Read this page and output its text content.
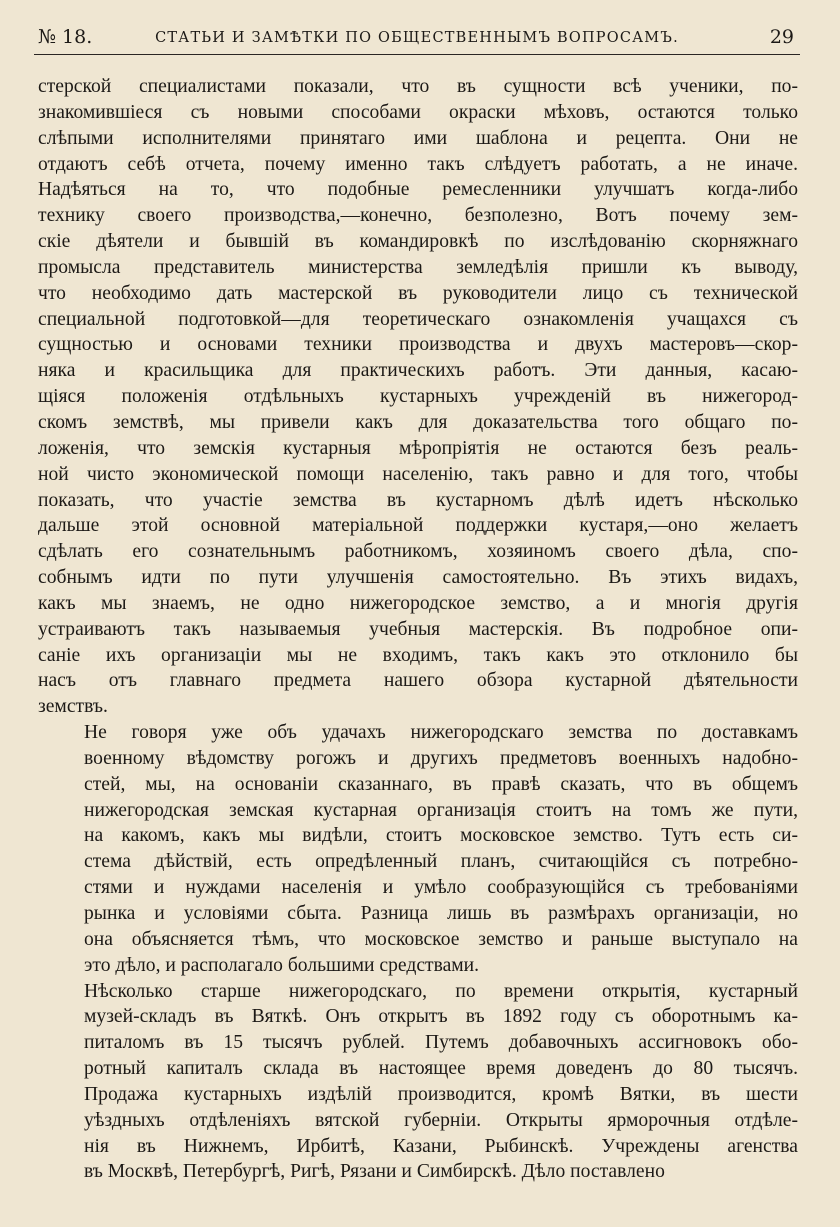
№ 18.	СТАТЬИ И ЗАМѢТКИ ПО ОБЩЕСТВЕННЫМЪ ВОПРОСАМЪ.	29
стерской специалистами показали, что въ сущности всѣ ученики, по-
знакомившіеся съ новыми способами окраски мѣховъ, остаются только
слѣпыми исполнителями принятаго ими шаблона и рецепта. Они не
отдаютъ себѣ отчета, почему именно такъ слѣдуетъ работать, а не иначе.
Надѣяться на то, что подобные ремесленники улучшатъ когда-либо
технику своего производства,—конечно, безполезно, Вотъ почему зем-
скіе дѣятели и бывшій въ командировкѣ по изслѣдованію скорняжнаго
промысла представитель министерства земледѣлія пришли къ выводу,
что необходимо дать мастерской въ руководители лицо съ технической
специальной подготовкой—для теоретическаго ознакомленія учащахся съ
сущностью и основами техники производства и двухъ мастеровъ—скор-
няка и красильщика для практическихъ работъ. Эти данныя, касаю-
щіяся положенія отдѣльныхъ кустарныхъ учрежденій въ нижегород-
скомъ земствѣ, мы привели какъ для доказательства того общаго по-
ложенія, что земскія кустарныя мѣропріятія не остаются безъ реаль-
ной чисто экономической помощи населенію, такъ равно и для того, чтобы
показать, что участіе земства въ кустарномъ дѣлѣ идетъ нѣсколько
дальше этой основной матеріальной поддержки кустаря,—оно желаетъ
сдѣлать его сознательнымъ работникомъ, хозяиномъ своего дѣла, спо-
собнымъ идти по пути улучшенія самостоятельно. Въ этихъ видахъ,
какъ мы знаемъ, не одно нижегородское земство, а и многія другія
устраиваютъ такъ называемыя учебныя мастерскія. Въ подробное опи-
саніе ихъ организаціи мы не входимъ, такъ какъ это отклонило бы
насъ отъ главнаго предмета нашего обзора кустарной дѣятельности
земствъ.
Не говоря уже объ удачахъ нижегородскаго земства по доставкамъ
военному вѣдомству рогожъ и другихъ предметовъ военныхъ надобно-
стей, мы, на основаніи сказаннаго, въ правѣ сказать, что въ общемъ
нижегородская земская кустарная организація стоитъ на томъ же пути,
на какомъ, какъ мы видѣли, стоитъ московское земство. Тутъ есть си-
стема дѣйствій, есть опредѣленный планъ, считающійся съ потребно-
стями и нуждами населенія и умѣло сообразующійся съ требованіями
рынка и условіями сбыта. Разница лишь въ размѣрахъ организаціи, но
она объясняется тѣмъ, что московское земство и раньше выступало на
это дѣло, и располагало большими средствами.
Нѣсколько старше нижегородскаго, по времени открытія, кустарный
музей-складъ въ Вяткѣ. Онъ открытъ въ 1892 году съ оборотнымъ ка-
питаломъ въ 15 тысячъ рублей. Путемъ добавочныхъ ассигновокъ обо-
ротный капиталъ склада въ настоящее время доведенъ до 80 тысячъ.
Продажа кустарныхъ издѣлій производится, кромѣ Вятки, въ шести
уѣздныхъ отдѣленіяхъ вятской губерніи. Открыты ярморочныя отдѣле-
нія въ Нижнемъ, Ирбитѣ, Казани, Рыбинскѣ. Учреждены агенства
въ Москвѣ, Петербургѣ, Ригѣ, Рязани и Симбирскѣ. Дѣло поставлено
